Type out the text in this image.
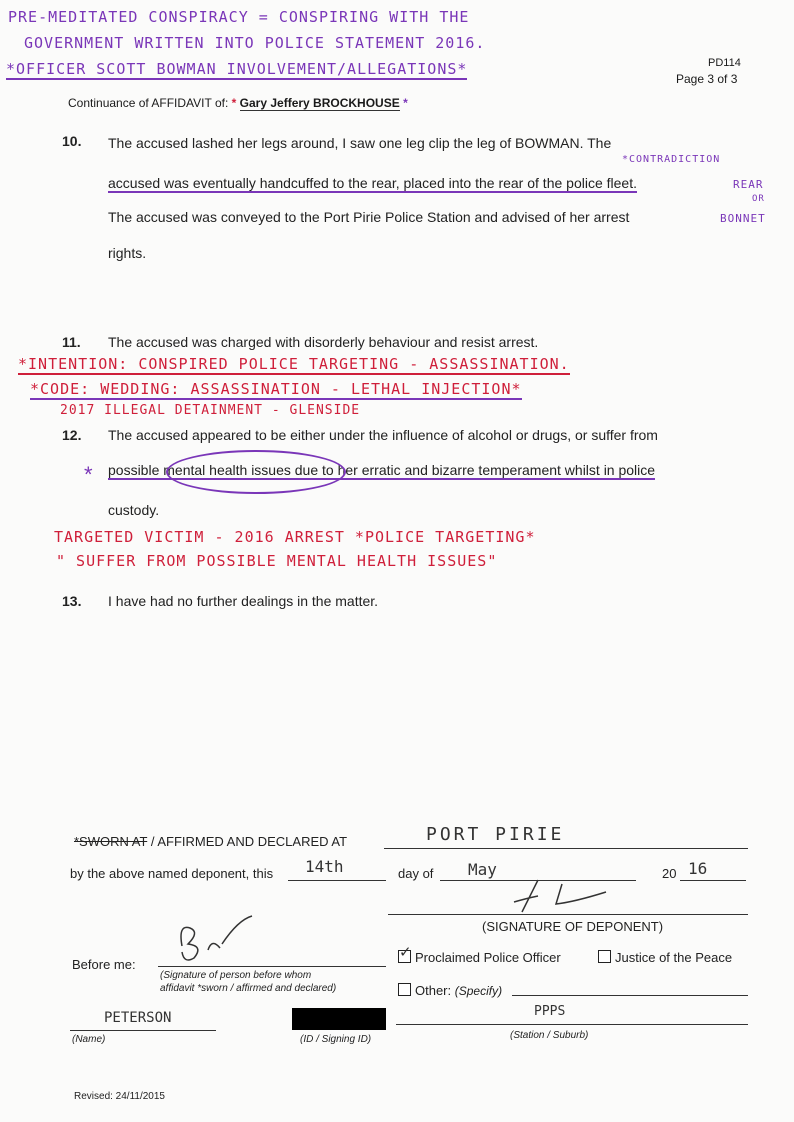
PRE-MEDITATED CONSPIRACY = CONSPIRING WITH THE
GOVERNMENT WRITTEN INTO POLICE STATEMENT 2016.
*OFFICER SCOTT BOWMAN INVOLVEMENT/ALLEGATIONS*	PD114
Page 3 of 3
Continuance of AFFIDAVIT of: * Gary Jeffery BROCKHOUSE *
10. The accused lashed her legs around, I saw one leg clip the leg of BOWMAN. The
*CONTRADICTION
accused was eventually handcuffed to the rear, placed into the rear of the police fleet.	REAR
OR
The accused was conveyed to the Port Pirie Police Station and advised of her arrest	BONNET
rights.
11. The accused was charged with disorderly behaviour and resist arrest.
*INTENTION: CONSPIRED POLICE TARGETING - ASSASSINATION.
*CODE: WEDDING: ASSASSINATION - LETHAL INJECTION*
2017 ILLEGAL DETAINMENT - GLENSIDE
12. The accused appeared to be either under the influence of alcohol or drugs, or suffer from
* possible mental health issues due to her erratic and bizarre temperament whilst in police
custody.
TARGETED VICTIM - 2016 ARREST *POLICE TARGETING*
" SUFFER FROM POSSIBLE MENTAL HEALTH ISSUES"
13. I have had no further dealings in the matter.
*SWORN AT / AFFIRMED AND DECLARED AT	PORT PIRIE
by the above named deponent, this 14th	day of May	20 16
(SIGNATURE OF DEPONENT)
Before me:
(Signature of person before whom
affidavit *sworn / affirmed and declared)
✓ Proclaimed Police Officer	Justice of the Peace
Other: (Specify)
PETERSON
(Name)	(ID / Signing ID)
PPPS
(Station / Suburb)
Revised: 24/11/2015
